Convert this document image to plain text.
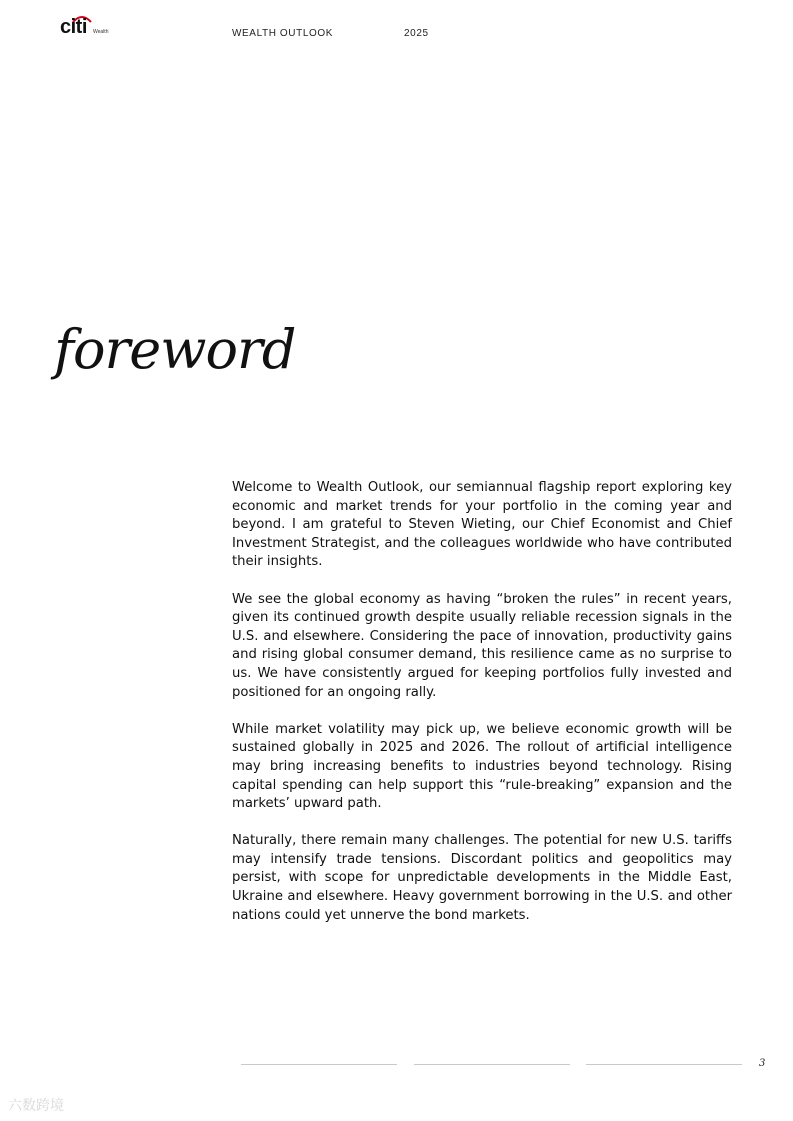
citi Wealth	WEALTH OUTLOOK	2025
foreword

Welcome to Wealth Outlook, our semiannual flagship report exploring key economic and market trends for your portfolio in the coming year and beyond. I am grateful to Steven Wieting, our Chief Economist and Chief Investment Strategist, and the colleagues worldwide who have contributed their insights.

We see the global economy as having “broken the rules” in recent years, given its continued growth despite usually reliable recession signals in the U.S. and elsewhere. Considering the pace of innovation, productivity gains and rising global consumer demand, this resilience came as no surprise to us. We have consistently argued for keeping portfolios fully invested and positioned for an ongoing rally.

While market volatility may pick up, we believe economic growth will be sustained globally in 2025 and 2026. The rollout of artificial intelligence may bring increasing benefits to industries beyond technology. Rising capital spending can help support this “rule-breaking” expansion and the markets’ upward path.

Naturally, there remain many challenges. The potential for new U.S. tariffs may intensify trade tensions. Discordant politics and geopolitics may persist, with scope for unpredictable developments in the Middle East, Ukraine and elsewhere. Heavy government borrowing in the U.S. and other nations could yet unnerve the bond markets.

3
六数跨境
